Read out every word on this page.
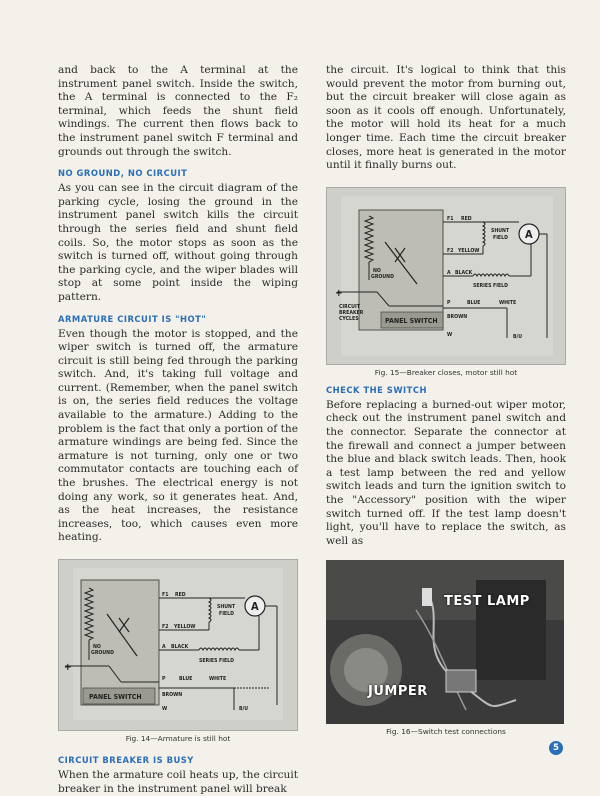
and back to the A terminal at the instrument panel switch. Inside the switch, the A terminal is connected to the F₂ terminal, which feeds the shunt field windings. The current then flows back to the instrument panel switch F terminal and grounds out through the switch.

NO GROUND, NO CIRCUIT

As you can see in the circuit diagram of the parking cycle, losing the ground in the instrument panel switch kills the circuit through the series field and shunt field coils. So, the motor stops as soon as the switch is turned off, without going through the parking cycle, and the wiper blades will stop at some point inside the wiping pattern.

ARMATURE CIRCUIT IS "HOT"

Even though the motor is stopped, and the wiper switch is turned off, the armature circuit is still being fed through the parking switch. And, it's taking full voltage and current. (Remember, when the panel switch is on, the series field reduces the voltage available to the armature.) Adding to the problem is the fact that only a portion of the armature windings are being fed. Since the armature is not turning, only one or two commutator contacts are touching each of the brushes. The electrical energy is not doing any work, so it generates heat. And, as the heat increases, the resistance increases, too, which causes even more heating.

F1 RED
SHUNT
FIELD
A
F2 YELLOW
NO
GROUND
A BLACK
SERIES FIELD
+
P	BLUE	WHITE
PANEL SWITCH	BROWN
W	B/U
Fig. 14—Armature is still hot
CIRCUIT BREAKER IS BUSY

When the armature coil heats up, the circuit breaker in the instrument panel will break

the circuit. It's logical to think that this would prevent the motor from burning out, but the circuit breaker will close again as soon as it cools off enough. Unfortunately, the motor will hold its heat for a much longer time. Each time the circuit breaker closes, more heat is generated in the motor until it finally burns out.

F1 RED
SHUNT
FIELD A
F2 YELLOW
NO
GROUND
A BLACK
SERIES FIELD
+
CIRCUIT
BREAKER
CYCLES
P	BLUE	WHITE
PANEL SWITCH BROWN
W	B/U
Fig. 15—Breaker closes, motor still hot
CHECK THE SWITCH

Before replacing a burned-out wiper motor, check out the instrument panel switch and the connector. Separate the connector at the firewall and connect a jumper between the blue and black switch leads. Then, hook a test lamp between the red and yellow switch leads and turn the ignition switch to the "Accessory" position with the wiper switch turned off. If the test lamp doesn't light, you'll have to replace the switch, as well as

TEST LAMP
JUMPER
Fig. 16—Switch test connections
5
